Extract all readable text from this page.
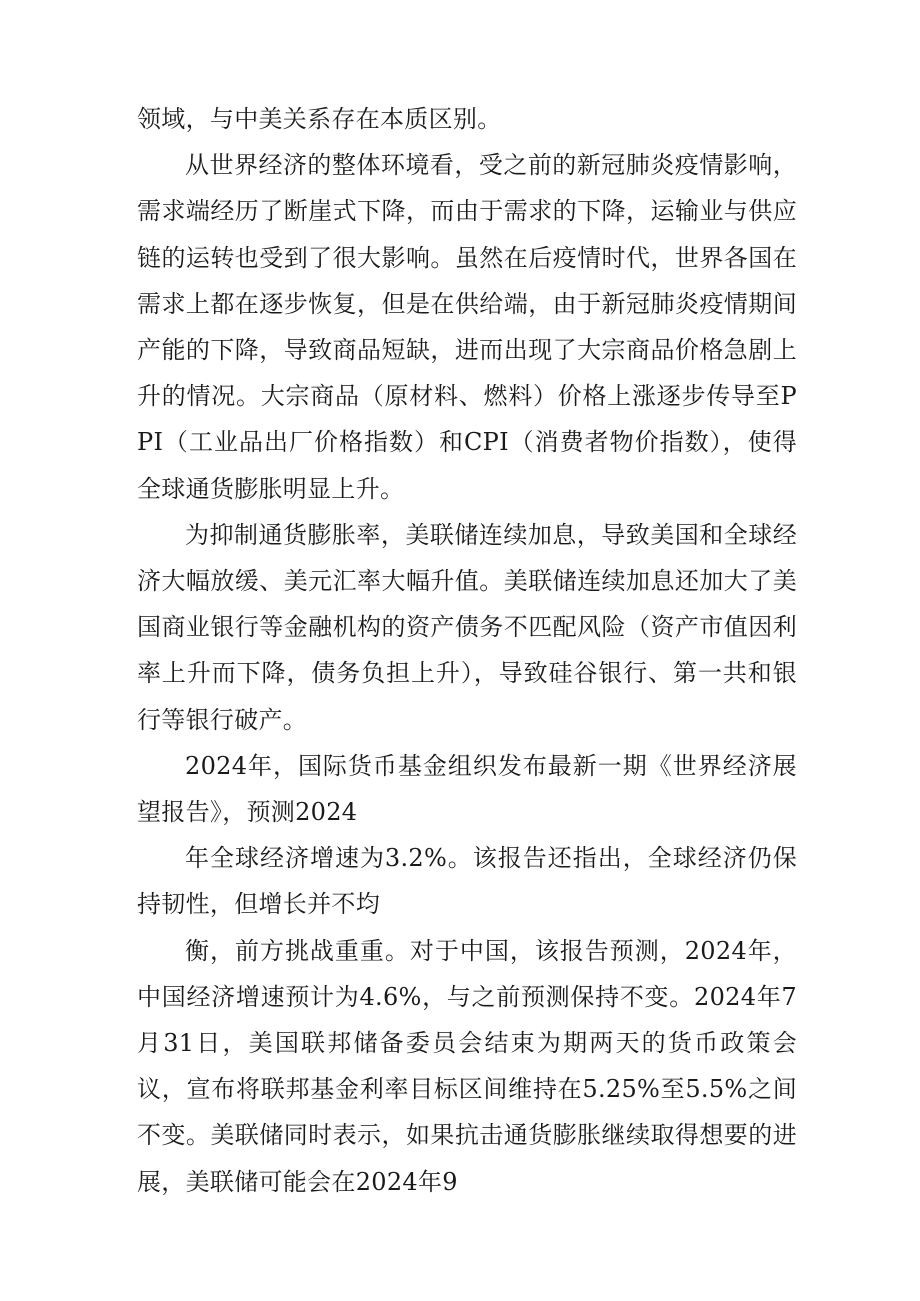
领域，与中美关系存在本质区别。

从世界经济的整体环境看，受之前的新冠肺炎疫情影响，需求端经历了断崖式下降，而由于需求的下降，运输业与供应链的运转也受到了很大影响。虽然在后疫情时代，世界各国在需求上都在逐步恢复，但是在供给端，由于新冠肺炎疫情期间产能的下降，导致商品短缺，进而出现了大宗商品价格急剧上升的情况。大宗商品（原材料、燃料）价格上涨逐步传导至PPI（工业品出厂价格指数）和CPI（消费者物价指数），使得全球通货膨胀明显上升。

为抑制通货膨胀率，美联储连续加息，导致美国和全球经济大幅放缓、美元汇率大幅升值。美联储连续加息还加大了美国商业银行等金融机构的资产债务不匹配风险（资产市值因利率上升而下降，债务负担上升），导致硅谷银行、第一共和银行等银行破产。

2024年，国际货币基金组织发布最新一期《世界经济展望报告》，预测2024

年全球经济增速为3.2%。该报告还指出，全球经济仍保持韧性，但增长并不均

衡，前方挑战重重。对于中国，该报告预测，2024年，中国经济增速预计为4.6%，与之前预测保持不变。2024年7月31日，美国联邦储备委员会结束为期两天的货币政策会议，宣布将联邦基金利率目标区间维持在5.25%至5.5%之间不变。美联储同时表示，如果抗击通货膨胀继续取得想要的进展，美联储可能会在2024年9
